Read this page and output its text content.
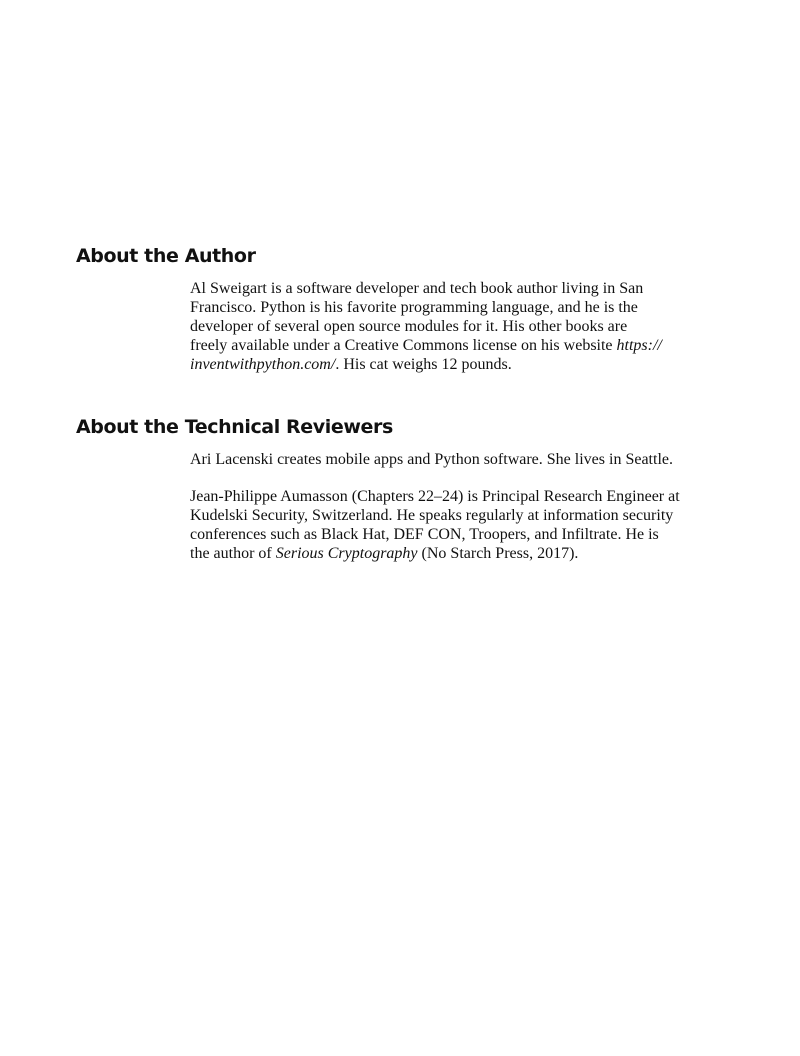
About the Author

Al Sweigart is a software developer and tech book author living in San
Francisco. Python is his favorite programming language, and he is the
developer of several open source modules for it. His other books are
freely available under a Creative Commons license on his website https://
inventwithpython.com/. His cat weighs 12 pounds.

About the Technical Reviewers

Ari Lacenski creates mobile apps and Python software. She lives in Seattle.

Jean-Philippe Aumasson (Chapters 22–24) is Principal Research Engineer at
Kudelski Security, Switzerland. He speaks regularly at information security
conferences such as Black Hat, DEF CON, Troopers, and Infiltrate. He is
the author of Serious Cryptography (No Starch Press, 2017).
